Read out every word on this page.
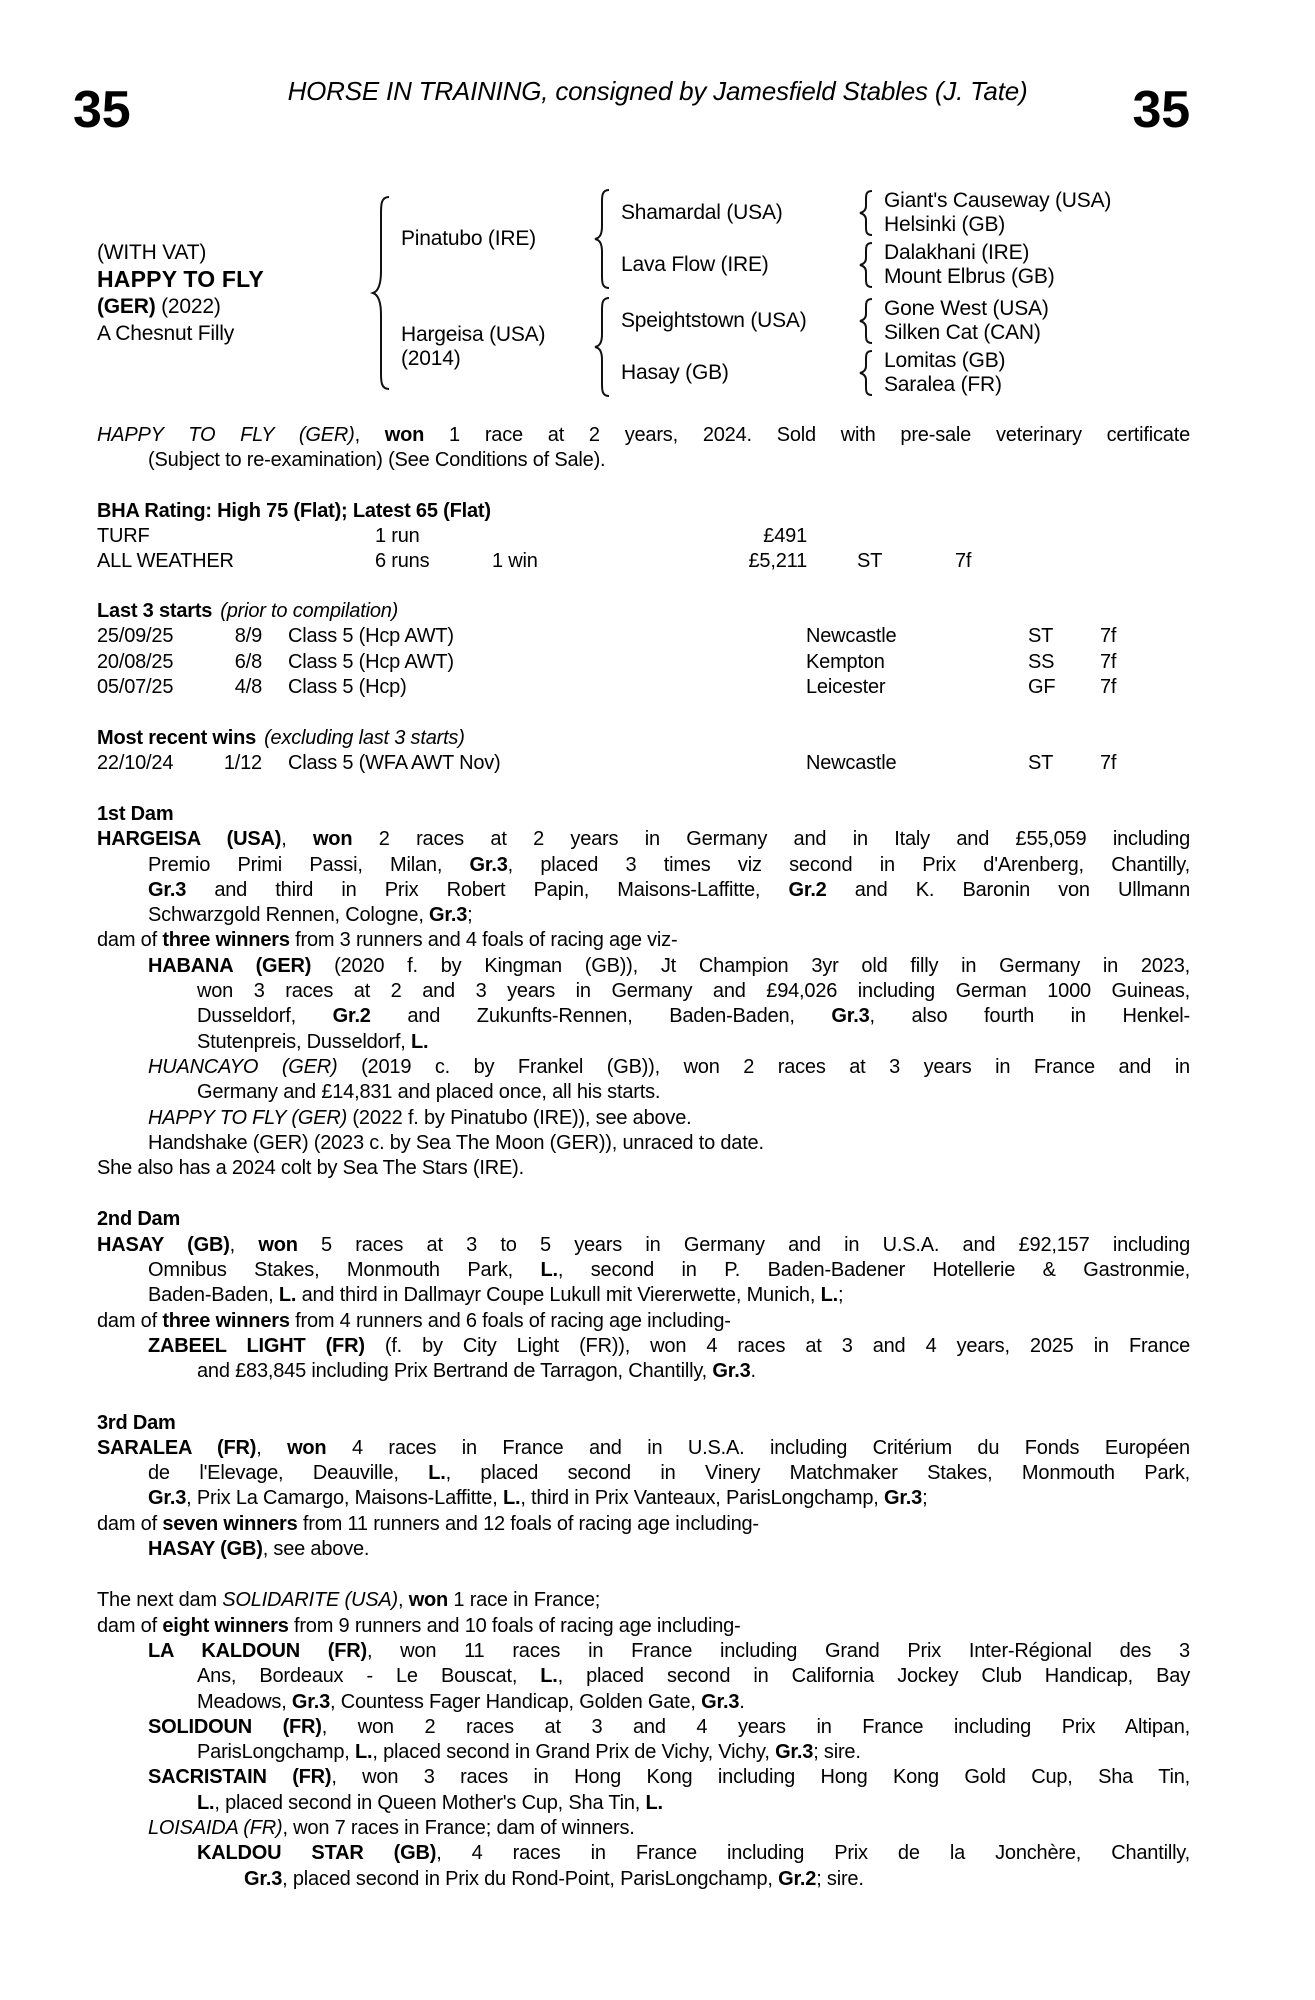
HORSE IN TRAINING, consigned by Jamesfield Stables (J. Tate)
35	35
(WITH VAT)
HAPPY TO FLY
(GER) (2022)
A Chesnut Filly
Pinatubo (IRE)
Shamardal (USA)
Giant's Causeway (USA)
Helsinki (GB)
Lava Flow (IRE)
Dalakhani (IRE)
Mount Elbrus (GB)
Hargeisa (USA)
(2014)
Speightstown (USA)
Gone West (USA)
Silken Cat (CAN)
Hasay (GB)
Lomitas (GB)
Saralea (FR)
HAPPY TO FLY (GER), won 1 race at 2 years, 2024. Sold with pre-sale veterinary certificate
(Subject to re-examination) (See Conditions of Sale).
BHA Rating: High 75 (Flat); Latest 65 (Flat)
TURF	1 run	£491
ALL WEATHER	6 runs	1 win	£5,211	ST	7f
Last 3 starts (prior to compilation)
25/09/25	8/9 Class 5 (Hcp AWT)	Newcastle	ST 7f
20/08/25	6/8 Class 5 (Hcp AWT)	Kempton	SS 7f
05/07/25	4/8 Class 5 (Hcp)	Leicester	GF 7f
Most recent wins (excluding last 3 starts)
22/10/24	1/12 Class 5 (WFA AWT Nov)	Newcastle	ST 7f
1st Dam
HARGEISA (USA), won 2 races at 2 years in Germany and in Italy and £55,059 including
Premio Primi Passi, Milan, Gr.3, placed 3 times viz second in Prix d'Arenberg, Chantilly,
Gr.3 and third in Prix Robert Papin, Maisons-Laffitte, Gr.2 and K. Baronin von Ullmann
Schwarzgold Rennen, Cologne, Gr.3;
dam of three winners from 3 runners and 4 foals of racing age viz-
HABANA (GER) (2020 f. by Kingman (GB)), Jt Champion 3yr old filly in Germany in 2023,
won 3 races at 2 and 3 years in Germany and £94,026 including German 1000 Guineas,
Dusseldorf, Gr.2 and Zukunfts-Rennen, Baden-Baden, Gr.3, also fourth in Henkel-
Stutenpreis, Dusseldorf, L.
HUANCAYO (GER) (2019 c. by Frankel (GB)), won 2 races at 3 years in France and in
Germany and £14,831 and placed once, all his starts.
HAPPY TO FLY (GER) (2022 f. by Pinatubo (IRE)), see above.
Handshake (GER) (2023 c. by Sea The Moon (GER)), unraced to date.
She also has a 2024 colt by Sea The Stars (IRE).
2nd Dam
HASAY (GB), won 5 races at 3 to 5 years in Germany and in U.S.A. and £92,157 including
Omnibus Stakes, Monmouth Park, L., second in P. Baden-Badener Hotellerie & Gastronmie,
Baden-Baden, L. and third in Dallmayr Coupe Lukull mit Viererwette, Munich, L.;
dam of three winners from 4 runners and 6 foals of racing age including-
ZABEEL LIGHT (FR) (f. by City Light (FR)), won 4 races at 3 and 4 years, 2025 in France
and £83,845 including Prix Bertrand de Tarragon, Chantilly, Gr.3.
3rd Dam
SARALEA (FR), won 4 races in France and in U.S.A. including Critérium du Fonds Européen
de l'Elevage, Deauville, L., placed second in Vinery Matchmaker Stakes, Monmouth Park,
Gr.3, Prix La Camargo, Maisons-Laffitte, L., third in Prix Vanteaux, ParisLongchamp, Gr.3;
dam of seven winners from 11 runners and 12 foals of racing age including-
HASAY (GB), see above.
The next dam SOLIDARITE (USA), won 1 race in France;
dam of eight winners from 9 runners and 10 foals of racing age including-
LA KALDOUN (FR), won 11 races in France including Grand Prix Inter-Régional des 3
Ans, Bordeaux - Le Bouscat, L., placed second in California Jockey Club Handicap, Bay
Meadows, Gr.3, Countess Fager Handicap, Golden Gate, Gr.3.
SOLIDOUN (FR), won 2 races at 3 and 4 years in France including Prix Altipan,
ParisLongchamp, L., placed second in Grand Prix de Vichy, Vichy, Gr.3; sire.
SACRISTAIN (FR), won 3 races in Hong Kong including Hong Kong Gold Cup, Sha Tin,
L., placed second in Queen Mother's Cup, Sha Tin, L.
LOISAIDA (FR), won 7 races in France; dam of winners.
KALDOU STAR (GB), 4 races in France including Prix de la Jonchère, Chantilly,
Gr.3, placed second in Prix du Rond-Point, ParisLongchamp, Gr.2; sire.
